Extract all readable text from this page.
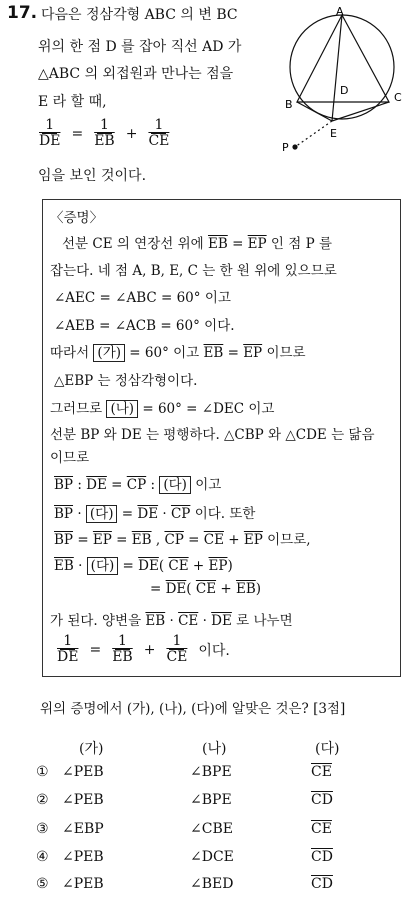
17. 다음은 정삼각형 ABC 의 변 BC
위의 한 점 D 를 잡아 직선 AD 가
△ABC 의 외접원과 만나는 점을
E 라 할 때,
$\frac{1}{DE} = \frac{1}{EB} + \frac{1}{CE}$
임을 보인 것이다.
A
B
C
D
E
P
〈증명〉
선분 CE 의 연장선 위에 $\overline{EB} = \overline{EP}$ 인 점 P 를
잡는다. 네 점 A, B, E, C 는 한 원 위에 있으므로
∠AEC = ∠ABC = 60° 이고
∠AEB = ∠ACB = 60° 이다.
따라서 (가) = 60° 이고 $\overline{EB} = \overline{EP}$ 이므로
△EBP 는 정삼각형이다.
그러므로 (나) = 60° = ∠DEC 이고
선분 BP 와 DE 는 평행하다. △CBP 와 △CDE 는 닮음
이므로
$\overline{BP}$ : $\overline{DE} = \overline{CP}$ : (다) 이고
$\overline{BP}$ · (다) = $\overline{DE} \cdot \overline{CP}$ 이다. 또한
$\overline{BP} = \overline{EP} = \overline{EB}$ , $\overline{CP} = \overline{CE} + \overline{EP}$ 이므로,
$\overline{EB}$ · (다) = $\overline{DE}$( $\overline{CE} + \overline{EP}$)
= $\overline{DE}$( $\overline{CE} + \overline{EB}$)
가 된다. 양변을 $\overline{EB} \cdot \overline{CE} \cdot \overline{DE}$ 로 나누면
$\frac{1}{DE} = \frac{1}{EB} + \frac{1}{CE}$ 이다.
위의 증명에서 (가), (나), (다)에 알맞은 것은? [3점]
(가)	(나)	(다)
① ∠PEB	∠BPE	$\overline{CE}$
② ∠PEB	∠BPE	$\overline{CD}$
③ ∠EBP	∠CBE	$\overline{CE}$
④ ∠PEB	∠DCE	$\overline{CD}$
⑤ ∠PEB	∠BED	$\overline{CD}$
